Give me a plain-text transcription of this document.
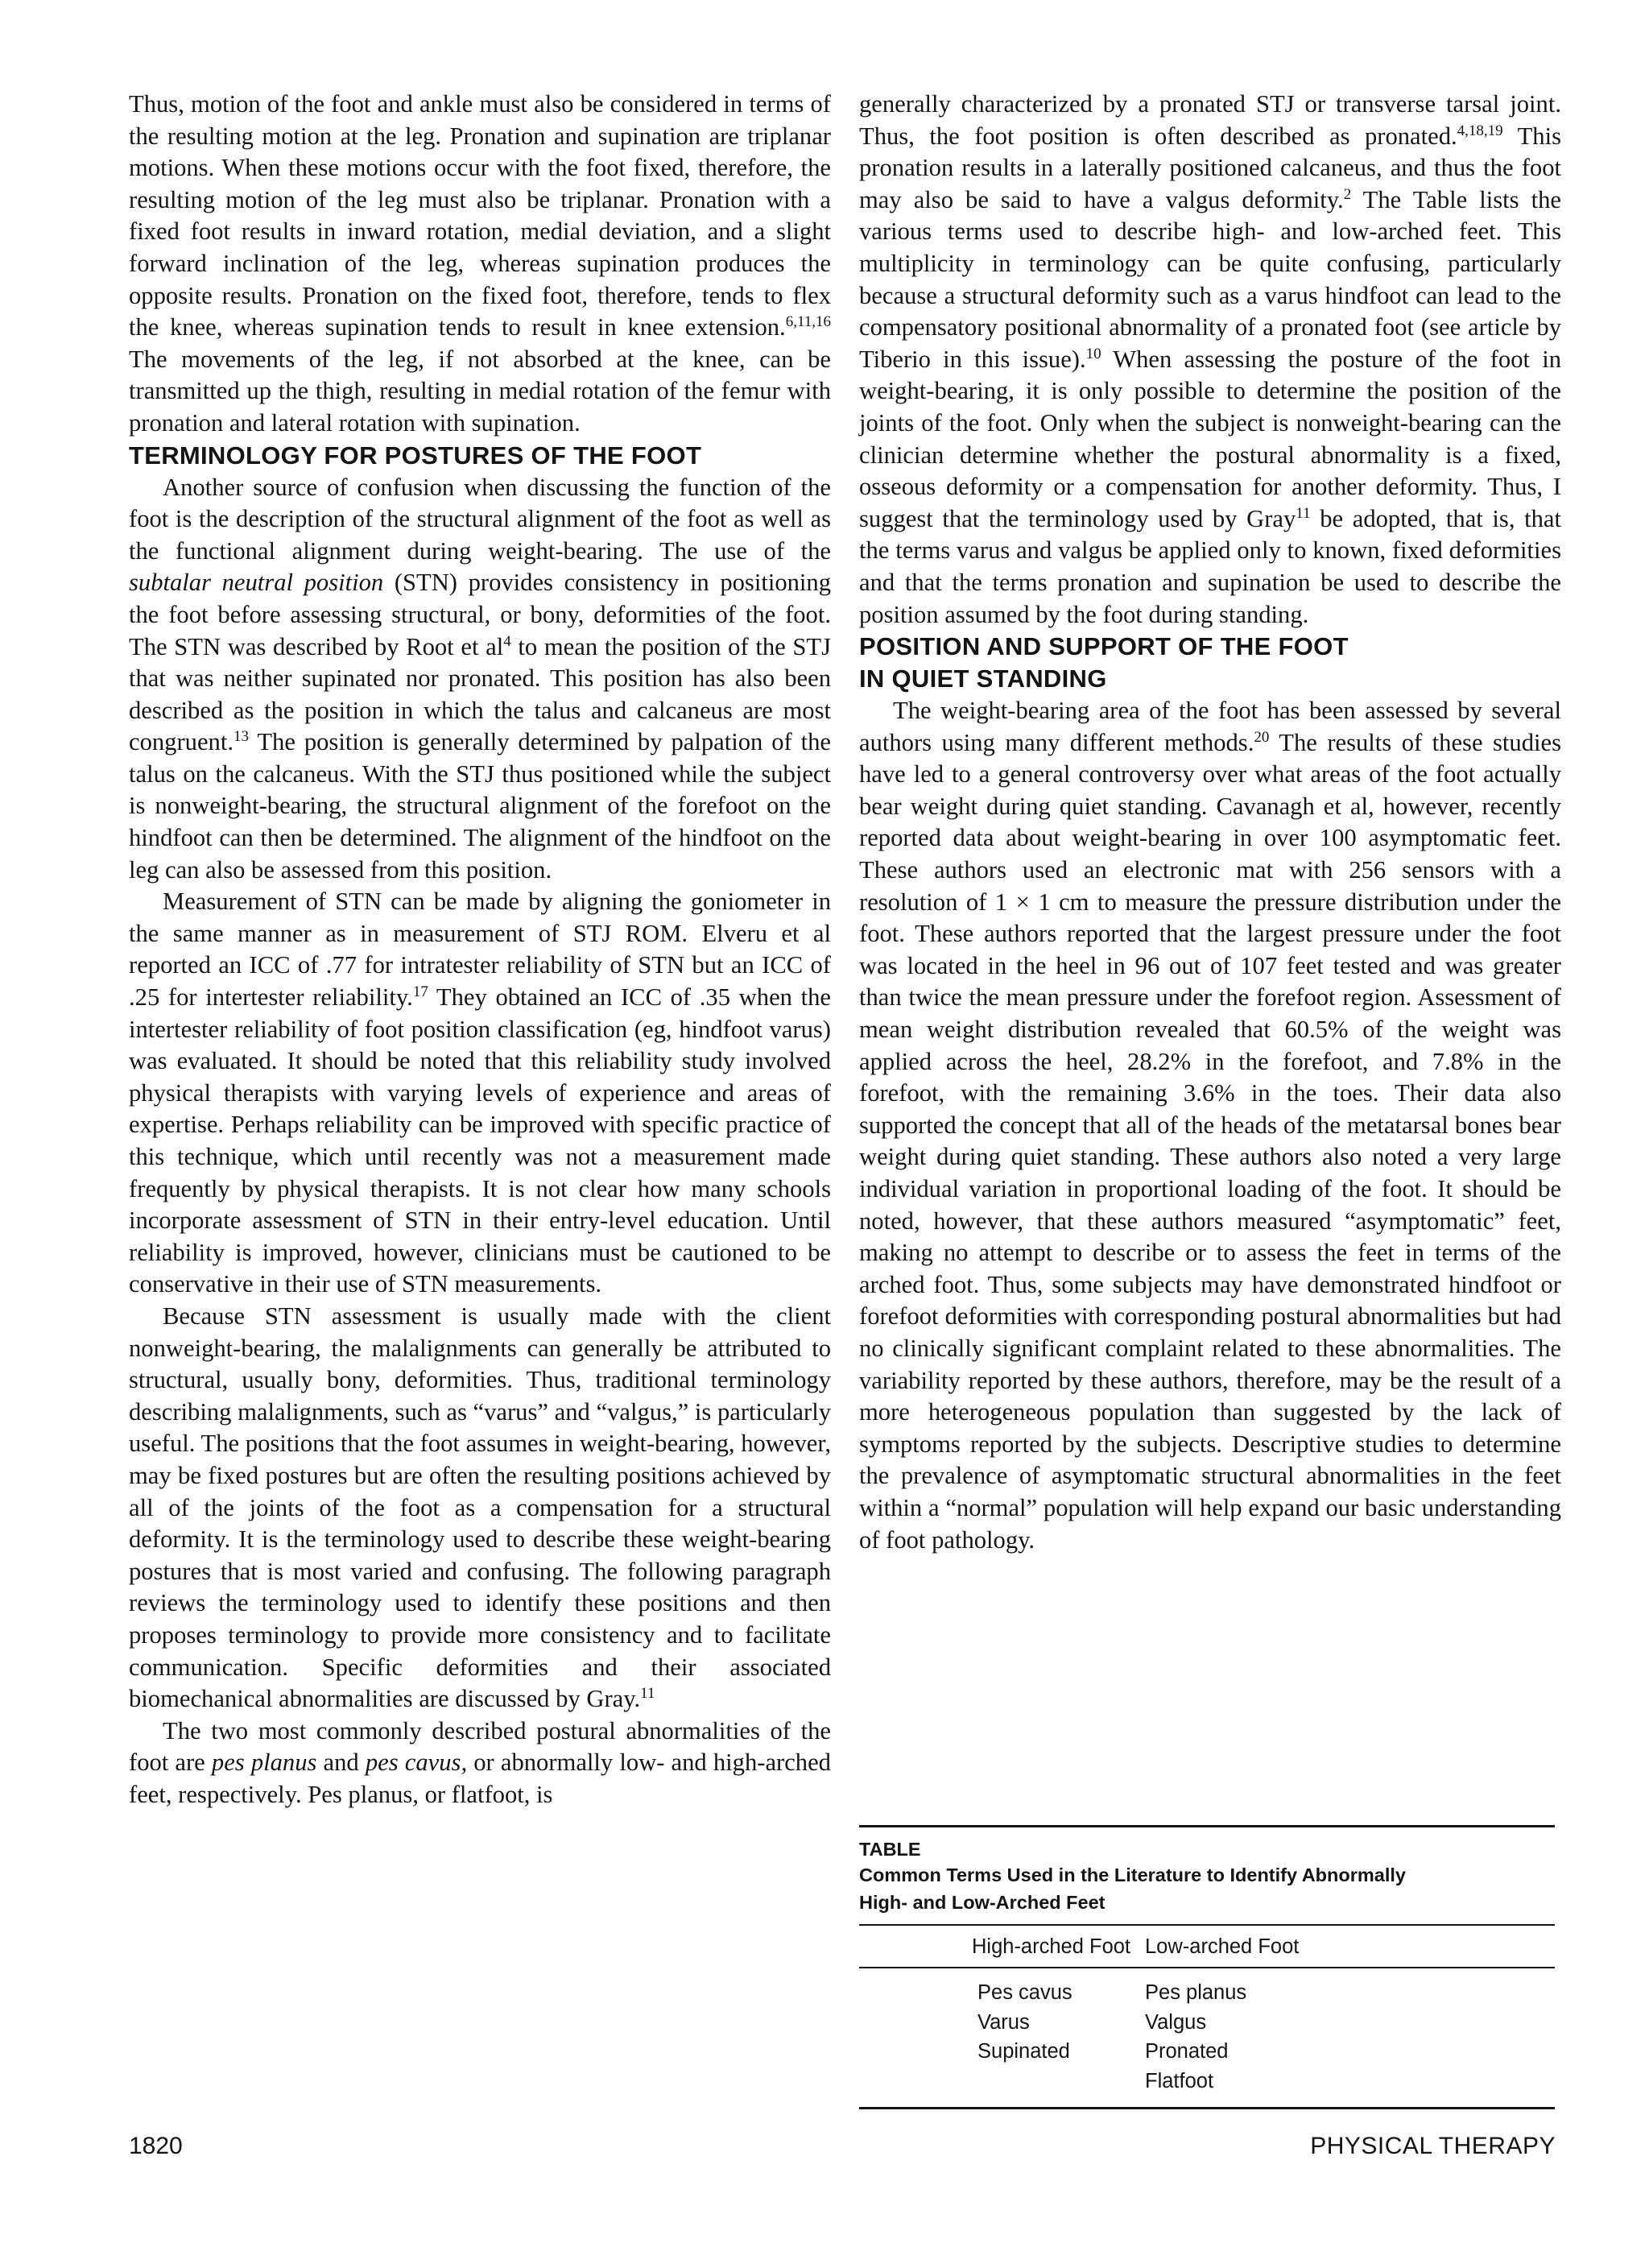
Thus, motion of the foot and ankle must also be considered in terms of the resulting motion at the leg. Pronation and supination are triplanar motions. When these motions occur with the foot fixed, therefore, the resulting motion of the leg must also be triplanar. Pronation with a fixed foot results in inward rotation, medial deviation, and a slight forward inclination of the leg, whereas supination produces the opposite results. Pronation on the fixed foot, therefore, tends to flex the knee, whereas supination tends to result in knee extension.$^{6,11,16}$ The movements of the leg, if not absorbed at the knee, can be transmitted up the thigh, resulting in medial rotation of the femur with pronation and lateral rotation with supination.

TERMINOLOGY FOR POSTURES OF THE FOOT

Another source of confusion when discussing the function of the foot is the description of the structural alignment of the foot as well as the functional alignment during weight-bearing. The use of the subtalar neutral position (STN) provides consistency in positioning the foot before assessing structural, or bony, deformities of the foot. The STN was described by Root et $al^4$ to mean the position of the STJ that was neither supinated nor pronated. This position has also been described as the position in which the talus and calcaneus are most congruent.$^{13}$ The position is generally determined by palpation of the talus on the calcaneus. With the STJ thus positioned while the subject is nonweight-bearing, the structural alignment of the forefoot on the hindfoot can then be determined. The alignment of the hindfoot on the leg can also be assessed from this position.

Measurement of STN can be made by aligning the goniometer in the same manner as in measurement of STJ ROM. Elveru et al reported an ICC of .77 for intratester reliability of STN but an ICC of .25 for intertester reliability.$^{17}$ They obtained an ICC of .35 when the intertester reliability of foot position classification (eg, hindfoot varus) was evaluated. It should be noted that this reliability study involved physical therapists with varying levels of experience and areas of expertise. Perhaps reliability can be improved with specific practice of this technique, which until recently was not a measurement made frequently by physical therapists. It is not clear how many schools incorporate assessment of STN in their entry-level education. Until reliability is improved, however, clinicians must be cautioned to be conservative in their use of STN measurements.

Because STN assessment is usually made with the client nonweight-bearing, the malalignments can generally be attributed to structural, usually bony, deformities. Thus, traditional terminology describing malalignments, such as “varus” and “valgus,” is particularly useful. The positions that the foot assumes in weight-bearing, however, may be fixed postures but are often the resulting positions achieved by all of the joints of the foot as a compensation for a structural deformity. It is the terminology used to describe these weight-bearing postures that is most varied and confusing. The following paragraph reviews the terminology used to identify these positions and then proposes terminology to provide more consistency and to facilitate communication. Specific deformities and their associated biomechanical abnormalities are discussed by Gray.$^{11}$

The two most commonly described postural abnormalities of the foot are pes planus and pes cavus, or abnormally low- and high-arched feet, respectively. Pes planus, or flatfoot, is

generally characterized by a pronated STJ or transverse tarsal joint. Thus, the foot position is often described as pronated.$^{4,18,19}$ This pronation results in a laterally positioned calcaneus, and thus the foot may also be said to have a valgus deformity.$^2$ The Table lists the various terms used to describe high- and low-arched feet. This multiplicity in terminology can be quite confusing, particularly because a structural deformity such as a varus hindfoot can lead to the compensatory positional abnormality of a pronated foot (see article by Tiberio in this issue).$^{10}$ When assessing the posture of the foot in weight-bearing, it is only possible to determine the position of the joints of the foot. Only when the subject is nonweight-bearing can the clinician determine whether the postural abnormality is a fixed, osseous deformity or a compensation for another deformity. Thus, I suggest that the terminology used by Gray$^{11}$ be adopted, that is, that the terms varus and valgus be applied only to known, fixed deformities and that the terms pronation and supination be used to describe the position assumed by the foot during standing.

POSITION AND SUPPORT OF THE FOOT
IN QUIET STANDING

The weight-bearing area of the foot has been assessed by several authors using many different methods.$^{20}$ The results of these studies have led to a general controversy over what areas of the foot actually bear weight during quiet standing. Cavanagh et al, however, recently reported data about weight-bearing in over 100 asymptomatic feet. These authors used an electronic mat with 256 sensors with a resolution of 1 × 1 cm to measure the pressure distribution under the foot. These authors reported that the largest pressure under the foot was located in the heel in 96 out of 107 feet tested and was greater than twice the mean pressure under the forefoot region. Assessment of mean weight distribution revealed that 60.5% of the weight was applied across the heel, 28.2% in the forefoot, and 7.8% in the forefoot, with the remaining 3.6% in the toes. Their data also supported the concept that all of the heads of the metatarsal bones bear weight during quiet standing. These authors also noted a very large individual variation in proportional loading of the foot. It should be noted, however, that these authors measured “asymptomatic” feet, making no attempt to describe or to assess the feet in terms of the arched foot. Thus, some subjects may have demonstrated hindfoot or forefoot deformities with corresponding postural abnormalities but had no clinically significant complaint related to these abnormalities. The variability reported by these authors, therefore, may be the result of a more heterogeneous population than suggested by the lack of symptoms reported by the subjects. Descriptive studies to determine the prevalence of asymptomatic structural abnormalities in the feet within a “normal” population will help expand our basic understanding of foot pathology.

TABLE
Common Terms Used in the Literature to Identify Abnormally
High- and Low-Arched Feet
High-arched Foot Low-arched Foot
Pes cavus
Varus
Supinated
Pes planus
Valgus
Pronated
Flatfoot
1820	PHYSICAL THERAPY
